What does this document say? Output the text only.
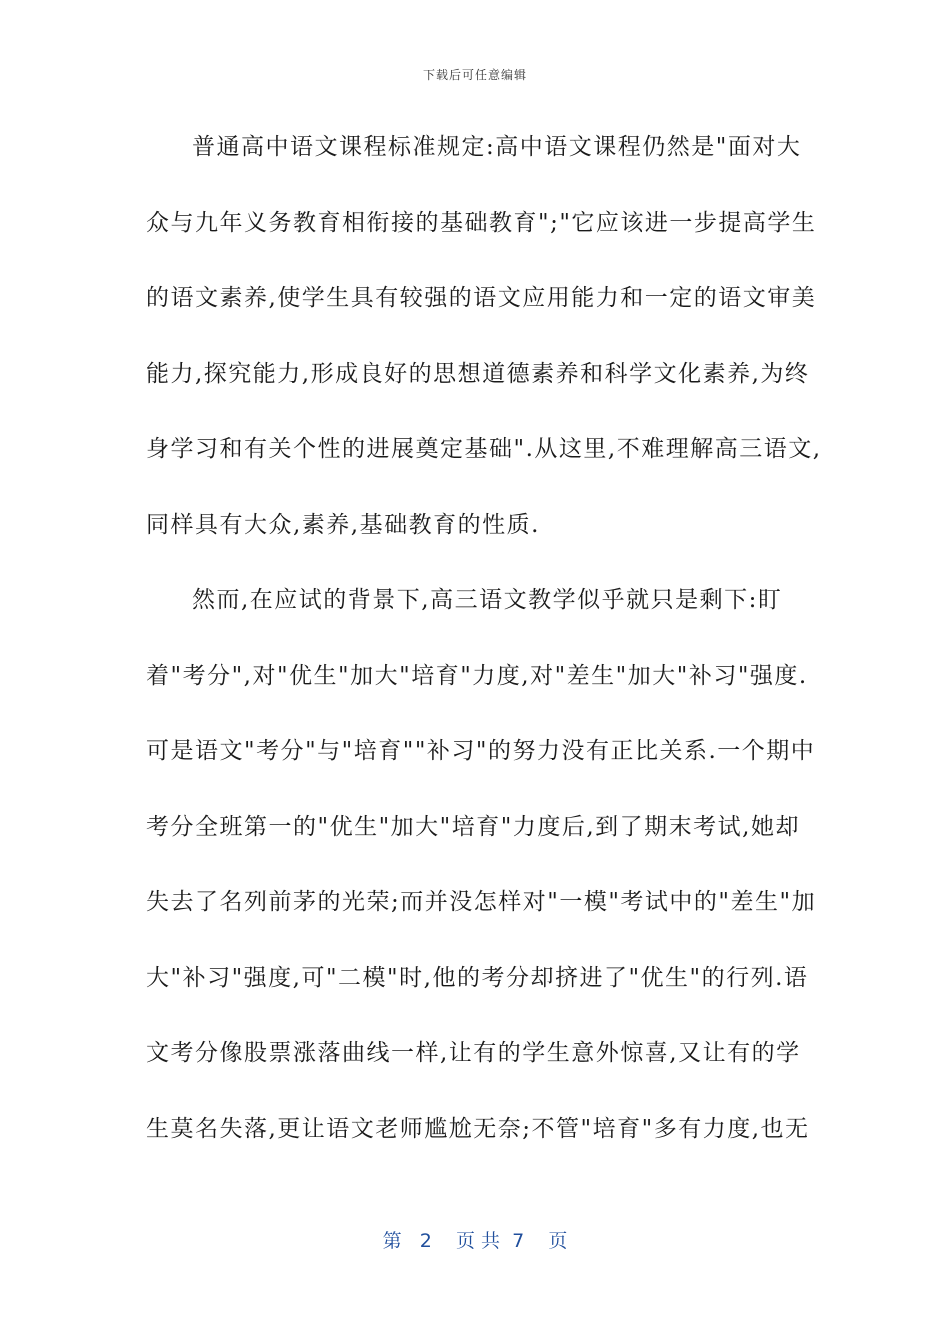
下载后可任意编辑
普通高中语文课程标准规定:高中语文课程仍然是"面对大
众与九年义务教育相衔接的基础教育";"它应该进一步提高学生
的语文素养,使学生具有较强的语文应用能力和一定的语文审美
能力,探究能力,形成良好的思想道德素养和科学文化素养,为终
身学习和有关个性的进展奠定基础".从这里,不难理解高三语文,
同样具有大众,素养,基础教育的性质.
然而,在应试的背景下,高三语文教学似乎就只是剩下:盯
着"考分",对"优生"加大"培育"力度,对"差生"加大"补习"强度.
可是语文"考分"与"培育""补习"的努力没有正比关系.一个期中
考分全班第一的"优生"加大"培育"力度后,到了期末考试,她却
失去了名列前茅的光荣;而并没怎样对"一模"考试中的"差生"加
大"补习"强度,可"二模"时,他的考分却挤进了"优生"的行列.语
文考分像股票涨落曲线一样,让有的学生意外惊喜,又让有的学
生莫名失落,更让语文老师尴尬无奈;不管"培育"多有力度,也无
第   2    页 共  7    页
